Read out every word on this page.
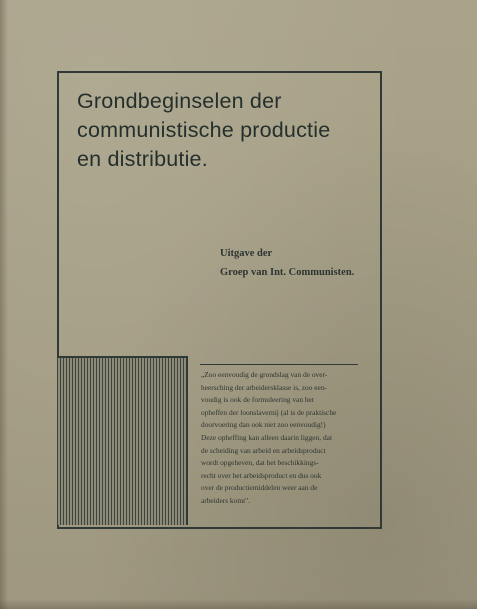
Grondbeginselen der
communistische productie
en distributie.
Uitgave der
Groep van Int. Communisten.
„Zoo eenvoudig de grondslag van de over-
heersching der arbeidersklasse is, zoo een-
voudig is ook de formuleering van het
opheffen der loonslavernij (al is de praktische
doorvoering dan ook niet zoo eenvoudig!)
Deze opheffing kan alleen daarin liggen, dat
de scheiding van arbeid en arbeidsproduct
wordt opgeheven, dat het beschikkings-
recht over het arbeidsproduct en dus ook
over de productiemiddelen weer aan de
arbeiders komt".
